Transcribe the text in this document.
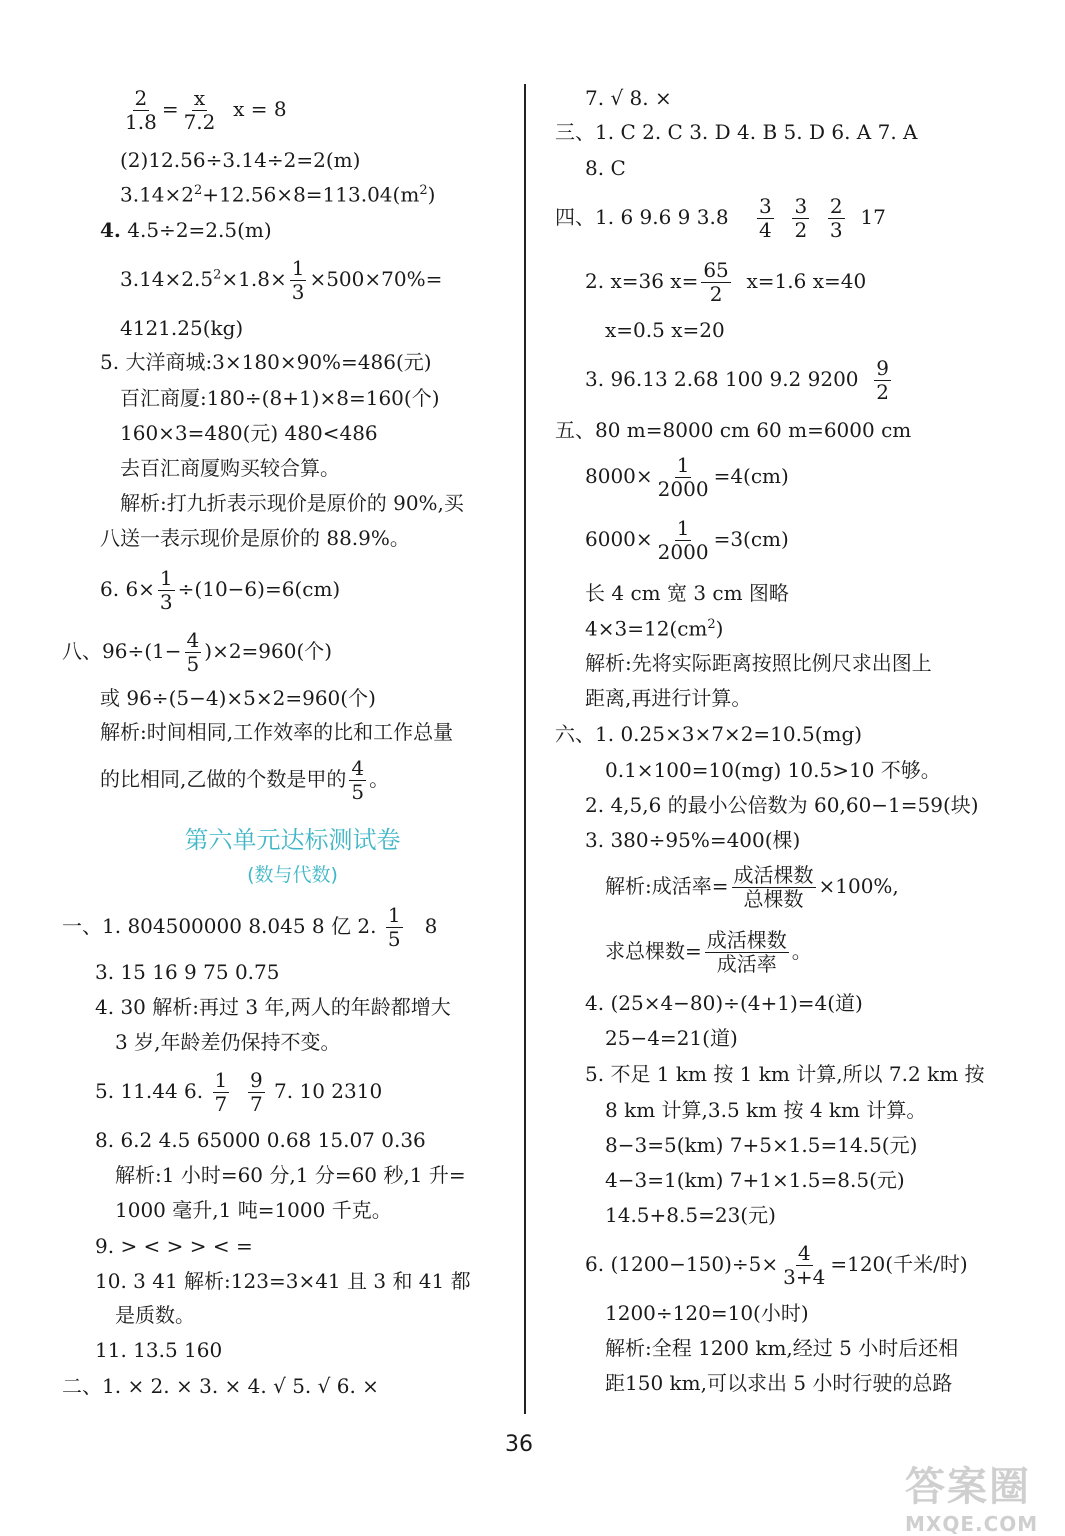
$\frac{2}{1.8} = \frac{x}{7.2}$ x = 8
(2)12.56÷3.14÷2=2(m)
$3.14\times 2^2+12.56\times 8=113.04(m^2)$
4. 4.5÷2=2.5(m)
$3.14\times 2.5^2\times 1.8\times \frac{1}{3} \times 500\times 70\%=$
4121.25(kg)
5. 大洋商城:3×180×90%=486(元)
百汇商厦:180÷(8+1)×8=160(个)
160×3=480(元) 480<486
去百汇商厦购买较合算。
解析:打九折表示现价是原价的 90%,买
八送一表示现价是原价的 88.9%。
6. $6\times \frac{1}{3} \div(10-6)=6(cm)$
八、$96\div(1- \frac{4}{5} )\times 2=960$(个)
或 96÷(5−4)×5×2=960(个)
解析:时间相同,工作效率的比和工作总量
的比相同,乙做的个数是甲的 $\frac{4}{5}$ 。
第六单元达标测试卷
(数与代数)
一、1. 804500000 8.045 8 亿 2. $\frac{1}{5} 8$
3. 15 16 9 75 0.75
4. 30 解析:再过 3 年,两人的年龄都增大
3 岁,年龄差仍保持不变。
5. 11.44 6. $\frac{1}{7}$
$\frac{9}{7} 7$. 10 2310
8. 6.2 4.5 65000 0.68 15.07 0.36
解析:1 小时=60 分,1 分=60 秒,1 升=
1000 毫升,1 吨=1000 千克。
9. > < > > < =
10. 3 41 解析:123=3×41 且 3 和 41 都
是质数。
11. 13.5 160
二、1. × 2. × 3. × 4. √ 5. √ 6. ×
7. √ 8. ×
三、1. C 2. C 3. D 4. B 5. D 6. A 7. A
8. C
四、1. 6 9.6 9 $3.8 \frac{3}{4}$
$\frac{3}{2}$
$\frac{2}{3} 17$
2. x=36 $x= \frac{65}{2} x=1.6$ x=40
x=0.5 x=20
3. 96.13 2.68 100 9.2 $9200 \frac{9}{2}$
五、80 m=8000 cm 60 m=6000 cm
$8000\times \frac{1}{2000} =4(cm)$
$6000\times \frac{1}{2000} =3(cm)$
长 4 cm 宽 3 cm 图略
$4\times 3=12(cm^2)$
解析:先将实际距离按照比例尺求出图上
距离,再进行计算。
六、1. 0.25×3×7×2=10.5(mg)
0.1×100=10(mg) 10.5>10 不够。
2. 4,5,6 的最小公倍数为 60,60−1=59(块)
3. 380÷95%=400(棵)
解析:成活率= $\frac{\text{成活棵数}}{\text{总棵数}} \times 100\%$,
求总棵数= $\frac{\text{成活棵数}}{\text{成活率}}$ 。
4. (25×4−80)÷(4+1)=4(道)
25−4=21(道)
5. 不足 1 km 按 1 km 计算,所以 7.2 km 按
8 km 计算,3.5 km 按 4 km 计算。
8−3=5(km) 7+5×1.5=14.5(元)
4−3=1(km) 7+1×1.5=8.5(元)
14.5+8.5=23(元)
6. $(1200-150)\div 5\times \frac{4}{3+4} =120$(千米/时)
1200÷120=10(小时)
解析:全程 1200 km,经过 5 小时后还相
距150 km,可以求出 5 小时行驶的总路
36
答案圈
MXQE.COM
